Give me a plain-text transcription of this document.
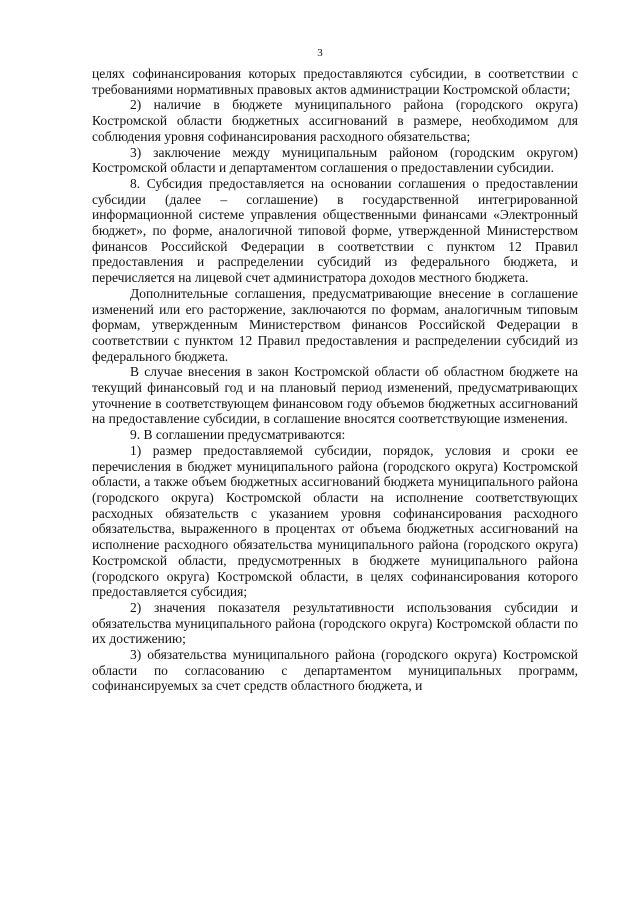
3

целях софинансирования которых предоставляются субсидии, в соответствии с требованиями нормативных правовых актов администрации Костромской области;

2) наличие в бюджете муниципального района (городского округа) Костромской области бюджетных ассигнований в размере, необходимом для соблюдения уровня софинансирования расходного обязательства;

3) заключение между муниципальным районом (городским округом) Костромской области и департаментом соглашения о предоставлении субсидии.

8. Субсидия предоставляется на основании соглашения о предоставлении субсидии (далее – соглашение) в государственной интегрированной информационной системе управления общественными финансами «Электронный бюджет», по форме, аналогичной типовой форме, утвержденной Министерством финансов Российской Федерации в соответствии с пунктом 12 Правил предоставления и распределении субсидий из федерального бюджета, и перечисляется на лицевой счет администратора доходов местного бюджета.

Дополнительные соглашения, предусматривающие внесение в соглашение изменений или его расторжение, заключаются по формам, аналогичным типовым формам, утвержденным Министерством финансов Российской Федерации в соответствии с пунктом 12 Правил предоставления и распределении субсидий из федерального бюджета.

В случае внесения в закон Костромской области об областном бюджете на текущий финансовый год и на плановый период изменений, предусматривающих уточнение в соответствующем финансовом году объемов бюджетных ассигнований на предоставление субсидии, в соглашение вносятся соответствующие изменения.

9. В соглашении предусматриваются:

1) размер предоставляемой субсидии, порядок, условия и сроки ее перечисления в бюджет муниципального района (городского округа) Костромской области, а также объем бюджетных ассигнований бюджета муниципального района (городского округа) Костромской области на исполнение соответствующих расходных обязательств с указанием уровня софинансирования расходного обязательства, выраженного в процентах от объема бюджетных ассигнований на исполнение расходного обязательства муниципального района (городского округа) Костромской области, предусмотренных в бюджете муниципального района (городского округа) Костромской области, в целях софинансирования которого предоставляется субсидия;

2) значения показателя результативности использования субсидии и обязательства муниципального района (городского округа) Костромской области по их достижению;

3) обязательства муниципального района (городского округа) Костромской области по согласованию с департаментом муниципальных программ, софинансируемых за счет средств областного бюджета, и
